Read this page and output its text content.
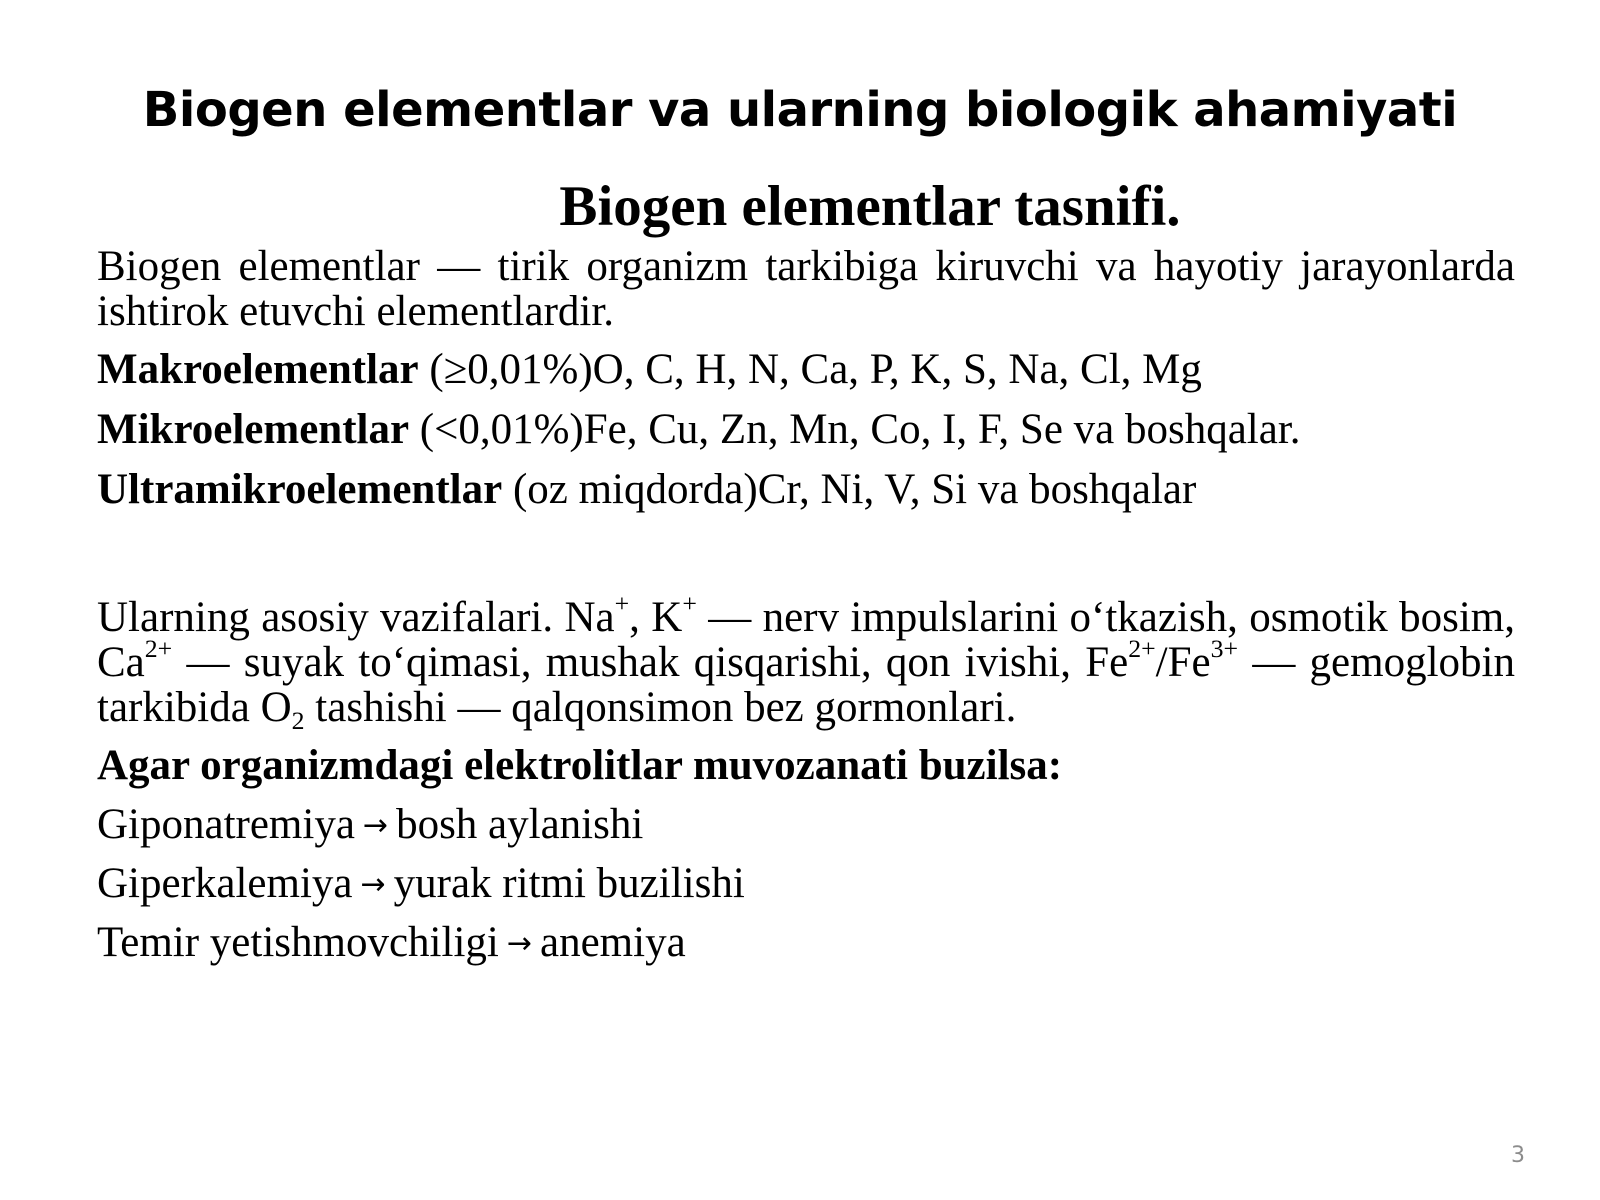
Biogen elementlar va ularning biologik ahamiyati
Biogen elementlar tasnifi.
Biogen elementlar — tirik organizm tarkibiga kiruvchi va hayotiy jarayonlarda ishtirok etuvchi elementlardir.
Makroelementlar (≥0,01%)O, C, H, N, Ca, P, K, S, Na, Cl, Mg
Mikroelementlar (<0,01%)Fe, Cu, Zn, Mn, Co, I, F, Se va boshqalar.
Ultramikroelementlar (oz miqdorda)Cr, Ni, V, Si va boshqalar
Ularning asosiy vazifalari. Na+, K+ — nerv impulslarini o‘tkazish, osmotik bosim, $Ca^{2+}$ — suyak to‘qimasi, mushak qisqarishi, qon ivishi, $Fe^{2+}/Fe^{3+}$ — gemoglobin tarkibida $O_2$ tashishi — qalqonsimon bez gormonlari.
Agar organizmdagi elektrolitlar muvozanati buzilsa:
Giponatremiya → bosh aylanishi
Giperkalemiya → yurak ritmi buzilishi
Temir yetishmovchiligi → anemiya
3
